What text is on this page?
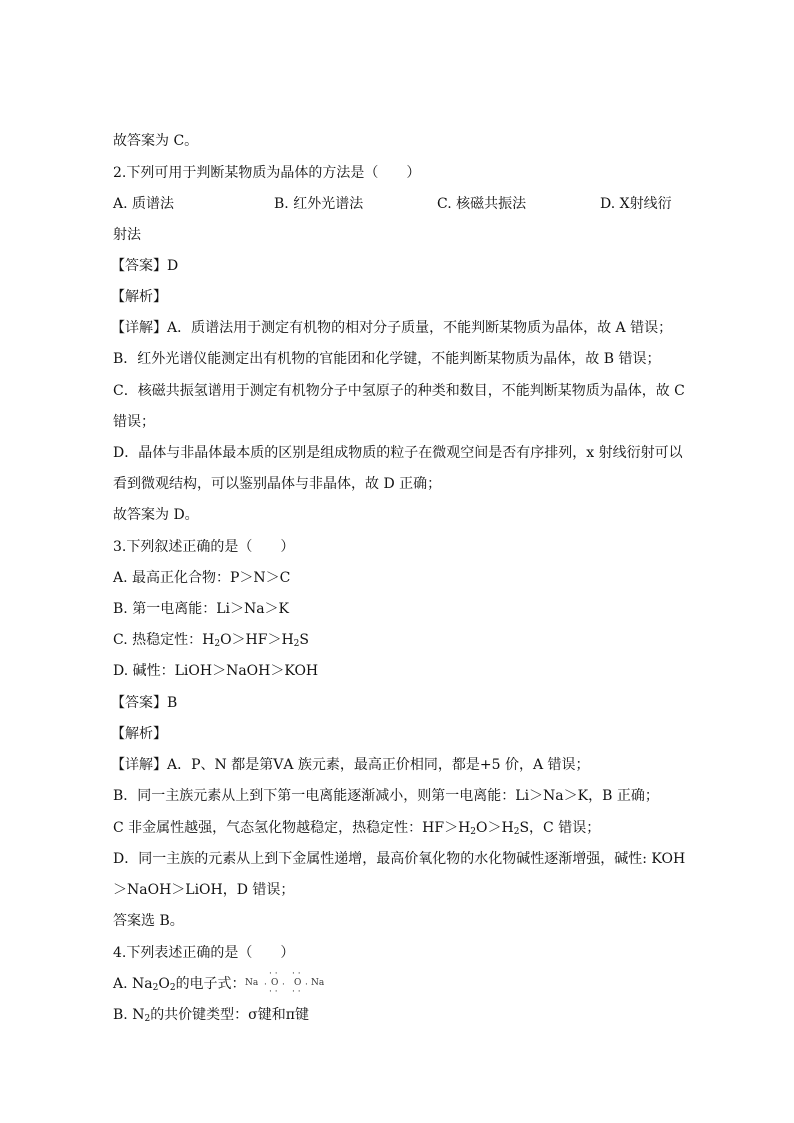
故答案为 C。

2.下列可用于判断某物质为晶体的方法是（　　）

A. 质谱法	B. 红外光谱法	C. 核磁共振法	D. X射线衍

射法

【答案】D

【解析】

【详解】A．质谱法用于测定有机物的相对分子质量，不能判断某物质为晶体，故 A 错误；

B．红外光谱仪能测定出有机物的官能团和化学键，不能判断某物质为晶体，故 B 错误；

C．核磁共振氢谱用于测定有机物分子中氢原子的种类和数目，不能判断某物质为晶体，故 C

错误；

D．晶体与非晶体最本质的区别是组成物质的粒子在微观空间是否有序排列，x 射线衍射可以

看到微观结构，可以鉴别晶体与非晶体，故 D 正确；

故答案为 D。

3.下列叙述正确的是（　　）

A. 最高正化合物：P＞N＞C

B. 第一电离能：Li＞Na＞K

C. 热稳定性：$H_2O>HF>H_2S$

D. 碱性：LiOH＞NaOH＞KOH

【答案】B

【解析】

【详解】A．P、N 都是第ⅤA 族元素，最高正价相同，都是+5 价，A 错误；

B．同一主族元素从上到下第一电离能逐渐减小，则第一电离能：Li＞Na＞K，B 正确；

C 非金属性越强，气态氢化物越稳定，热稳定性：$HF>H_2O>H_2S$，C 错误；

D．同一主族的元素从上到下金属性递增，最高价氧化物的水化物碱性逐渐增强，碱性: KOH

＞NaOH＞LiOH，D 错误；

答案选 B。

4.下列表述正确的是（　　）

A. $Na_2O_2$的电子式： Na ·
· ·
O
· ·
·
· ·
O
· ·
· Na

B. $N_2$的共价键类型：σ键和π键
